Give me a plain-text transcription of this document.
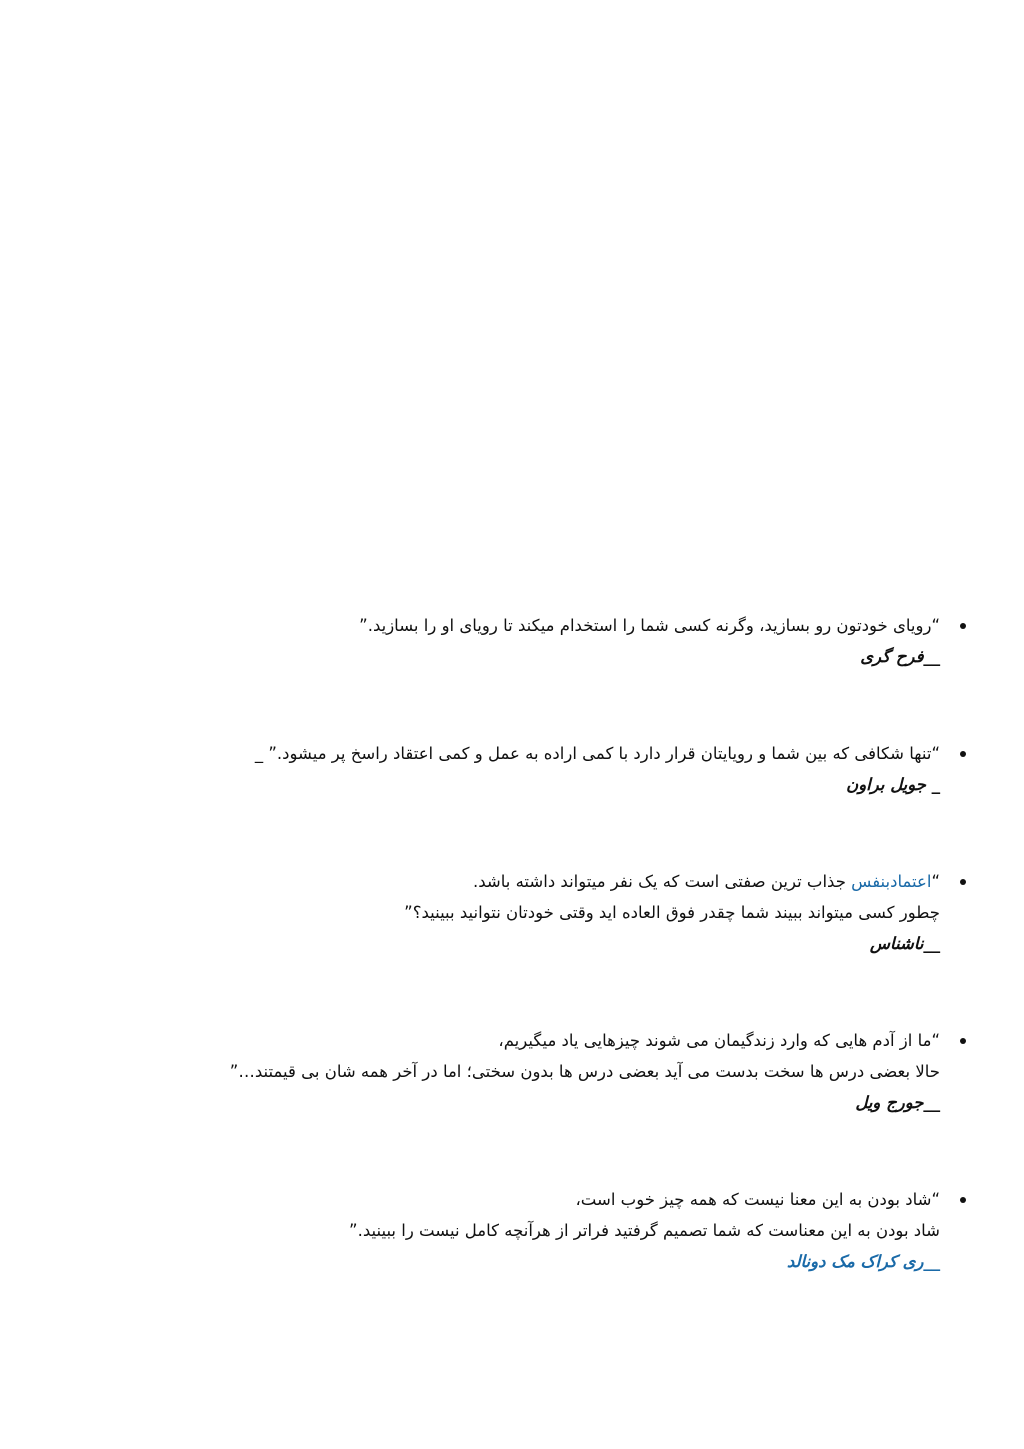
“رویای خودتون رو بسازید، وگرنه کسی شما را استخدام میکند تا رویای او را بسازید.”
__فرح گری
“تنها شکافی که بین شما و رویایتان قرار دارد با کمی اراده به عمل و کمی اعتقاد راسخ پر میشود.” _
_ جویل براون
“اعتمادبنفس جذاب ترین صفتی است که یک نفر میتواند داشته باشد.
چطور کسی میتواند ببیند شما چقدر فوق العاده اید وقتی خودتان نتوانید ببینید؟”
__ناشناس
“ما از آدم هایی که وارد زندگیمان می شوند چیزهایی یاد میگیریم،
حالا بعضی درس ها سخت بدست می آید بعضی درس ها بدون سختی؛ اما در آخر همه شان بی قیمتند…”
__جورج ویل
“شاد بودن به این معنا نیست که همه چیز خوب است،
شاد بودن به این معناست که شما تصمیم گرفتید فراتر از هرآنچه کامل نیست را ببینید.”
__ری کراک مک دونالد
